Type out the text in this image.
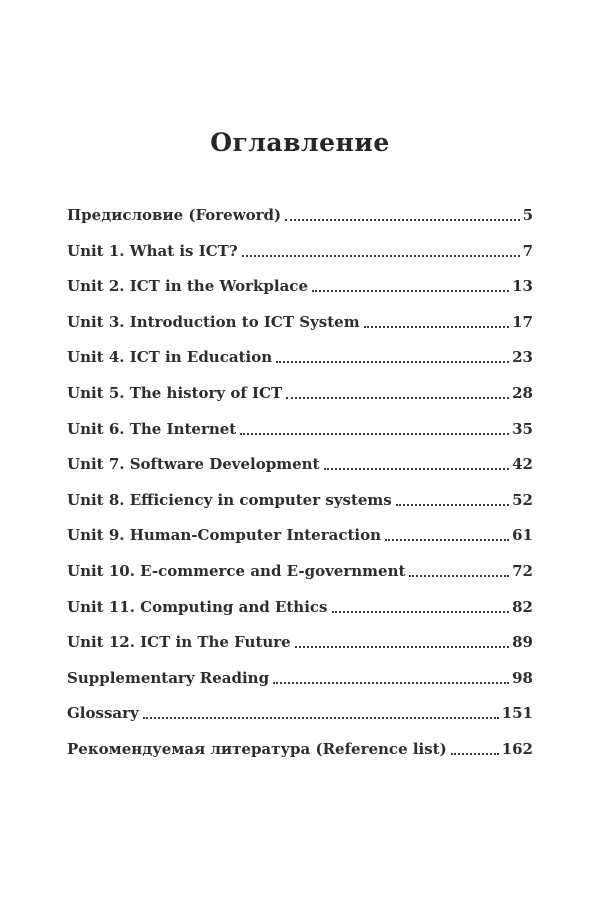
Оглавление
Предисловие (Foreword)	5
Unit 1. What is ICT?	7
Unit 2. ICT in the Workplace	13
Unit 3. Introduction to ICT System	17
Unit 4. ICT in Education	23
Unit 5. The history of ICT	28
Unit 6. The Internet	35
Unit 7. Software Development	42
Unit 8. Efficiency in computer systems	52
Unit 9. Human-Computer Interaction	61
Unit 10. E-commerce and E-government	72
Unit 11. Computing and Ethics	82
Unit 12. ICT in The Future	89
Supplementary Reading	98
Glossary	151
Рекомендуемая литература (Reference list)	162
